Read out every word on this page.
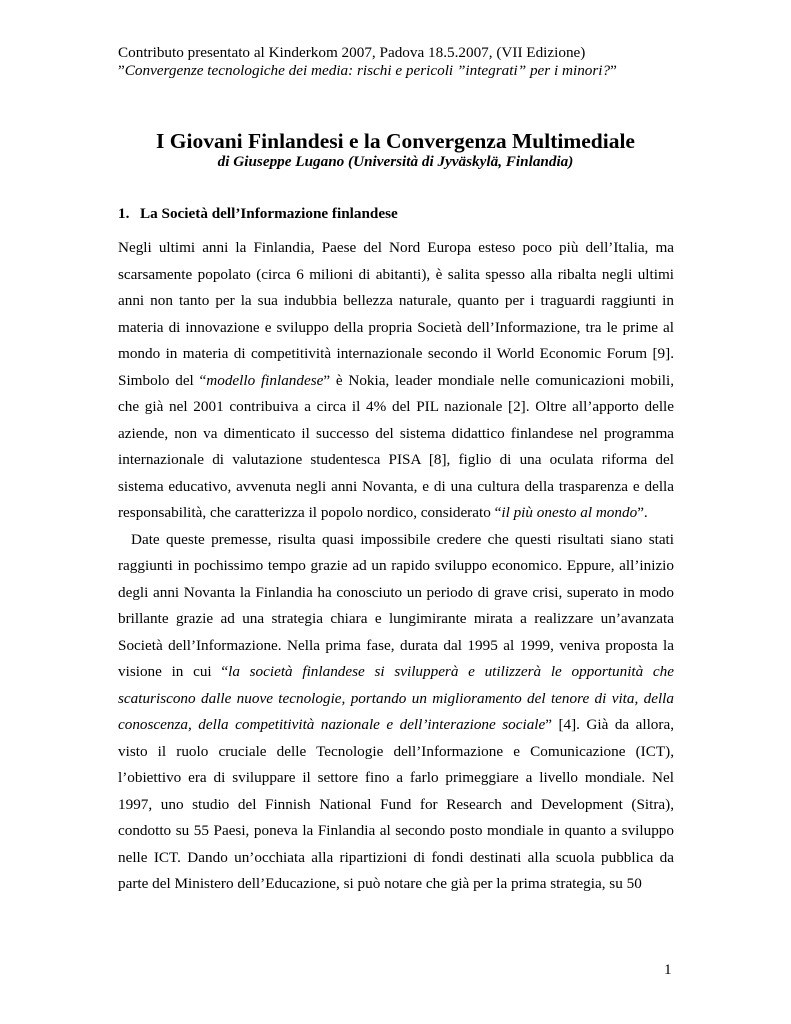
Contributo presentato al Kinderkom 2007, Padova 18.5.2007, (VII Edizione)
”Convergenze tecnologiche dei media: rischi e pericoli ”integrati” per i minori?”
I Giovani Finlandesi e la Convergenza Multimediale
di Giuseppe Lugano (Università di Jyväskylä, Finlandia)
1. La Società dell’Informazione finlandese

Negli ultimi anni la Finlandia, Paese del Nord Europa esteso poco più dell’Italia, ma
scarsamente popolato (circa 6 milioni di abitanti), è salita spesso alla ribalta negli ultimi
anni non tanto per la sua indubbia bellezza naturale, quanto per i traguardi raggiunti in
materia di innovazione e sviluppo della propria Società dell’Informazione, tra le prime al
mondo in materia di competitività internazionale secondo il World Economic Forum [9].
Simbolo del “modello finlandese” è Nokia, leader mondiale nelle comunicazioni mobili,
che già nel 2001 contribuiva a circa il 4% del PIL nazionale [2]. Oltre all’apporto delle
aziende, non va dimenticato il successo del sistema didattico finlandese nel programma
internazionale di valutazione studentesca PISA [8], figlio di una oculata riforma del
sistema educativo, avvenuta negli anni Novanta, e di una cultura della trasparenza e della
responsabilità, che caratterizza il popolo nordico, considerato “il più onesto al mondo”.

Date queste premesse, risulta quasi impossibile credere che questi risultati siano stati
raggiunti in pochissimo tempo grazie ad un rapido sviluppo economico. Eppure, all’inizio
degli anni Novanta la Finlandia ha conosciuto un periodo di grave crisi, superato in modo
brillante grazie ad una strategia chiara e lungimirante mirata a realizzare un’avanzata
Società dell’Informazione. Nella prima fase, durata dal 1995 al 1999, veniva proposta la
visione in cui “la società finlandese si svilupperà e utilizzerà le opportunità che
scaturiscono dalle nuove tecnologie, portando un miglioramento del tenore di vita, della
conoscenza, della competitività nazionale e dell’interazione sociale” [4]. Già da allora,
visto il ruolo cruciale delle Tecnologie dell’Informazione e Comunicazione (ICT),
l’obiettivo era di sviluppare il settore fino a farlo primeggiare a livello mondiale. Nel
1997, uno studio del Finnish National Fund for Research and Development (Sitra),
condotto su 55 Paesi, poneva la Finlandia al secondo posto mondiale in quanto a sviluppo
nelle ICT. Dando un’occhiata alla ripartizioni di fondi destinati alla scuola pubblica da
parte del Ministero dell’Educazione, si può notare che già per la prima strategia, su 50

1
